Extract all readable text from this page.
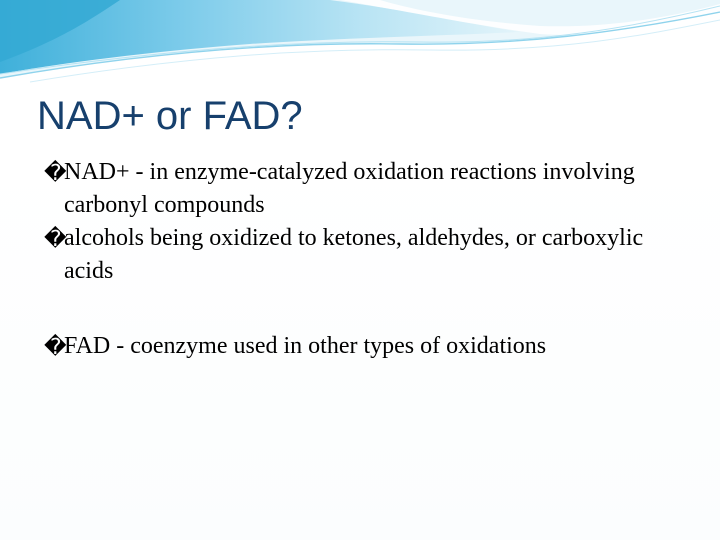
NAD+ or FAD?
�
NAD+ - in enzyme-catalyzed oxidation reactions involving carbonyl compounds
�
alcohols being oxidized to ketones, aldehydes, or carboxylic acids
�
FAD - coenzyme used in other types of oxidations
